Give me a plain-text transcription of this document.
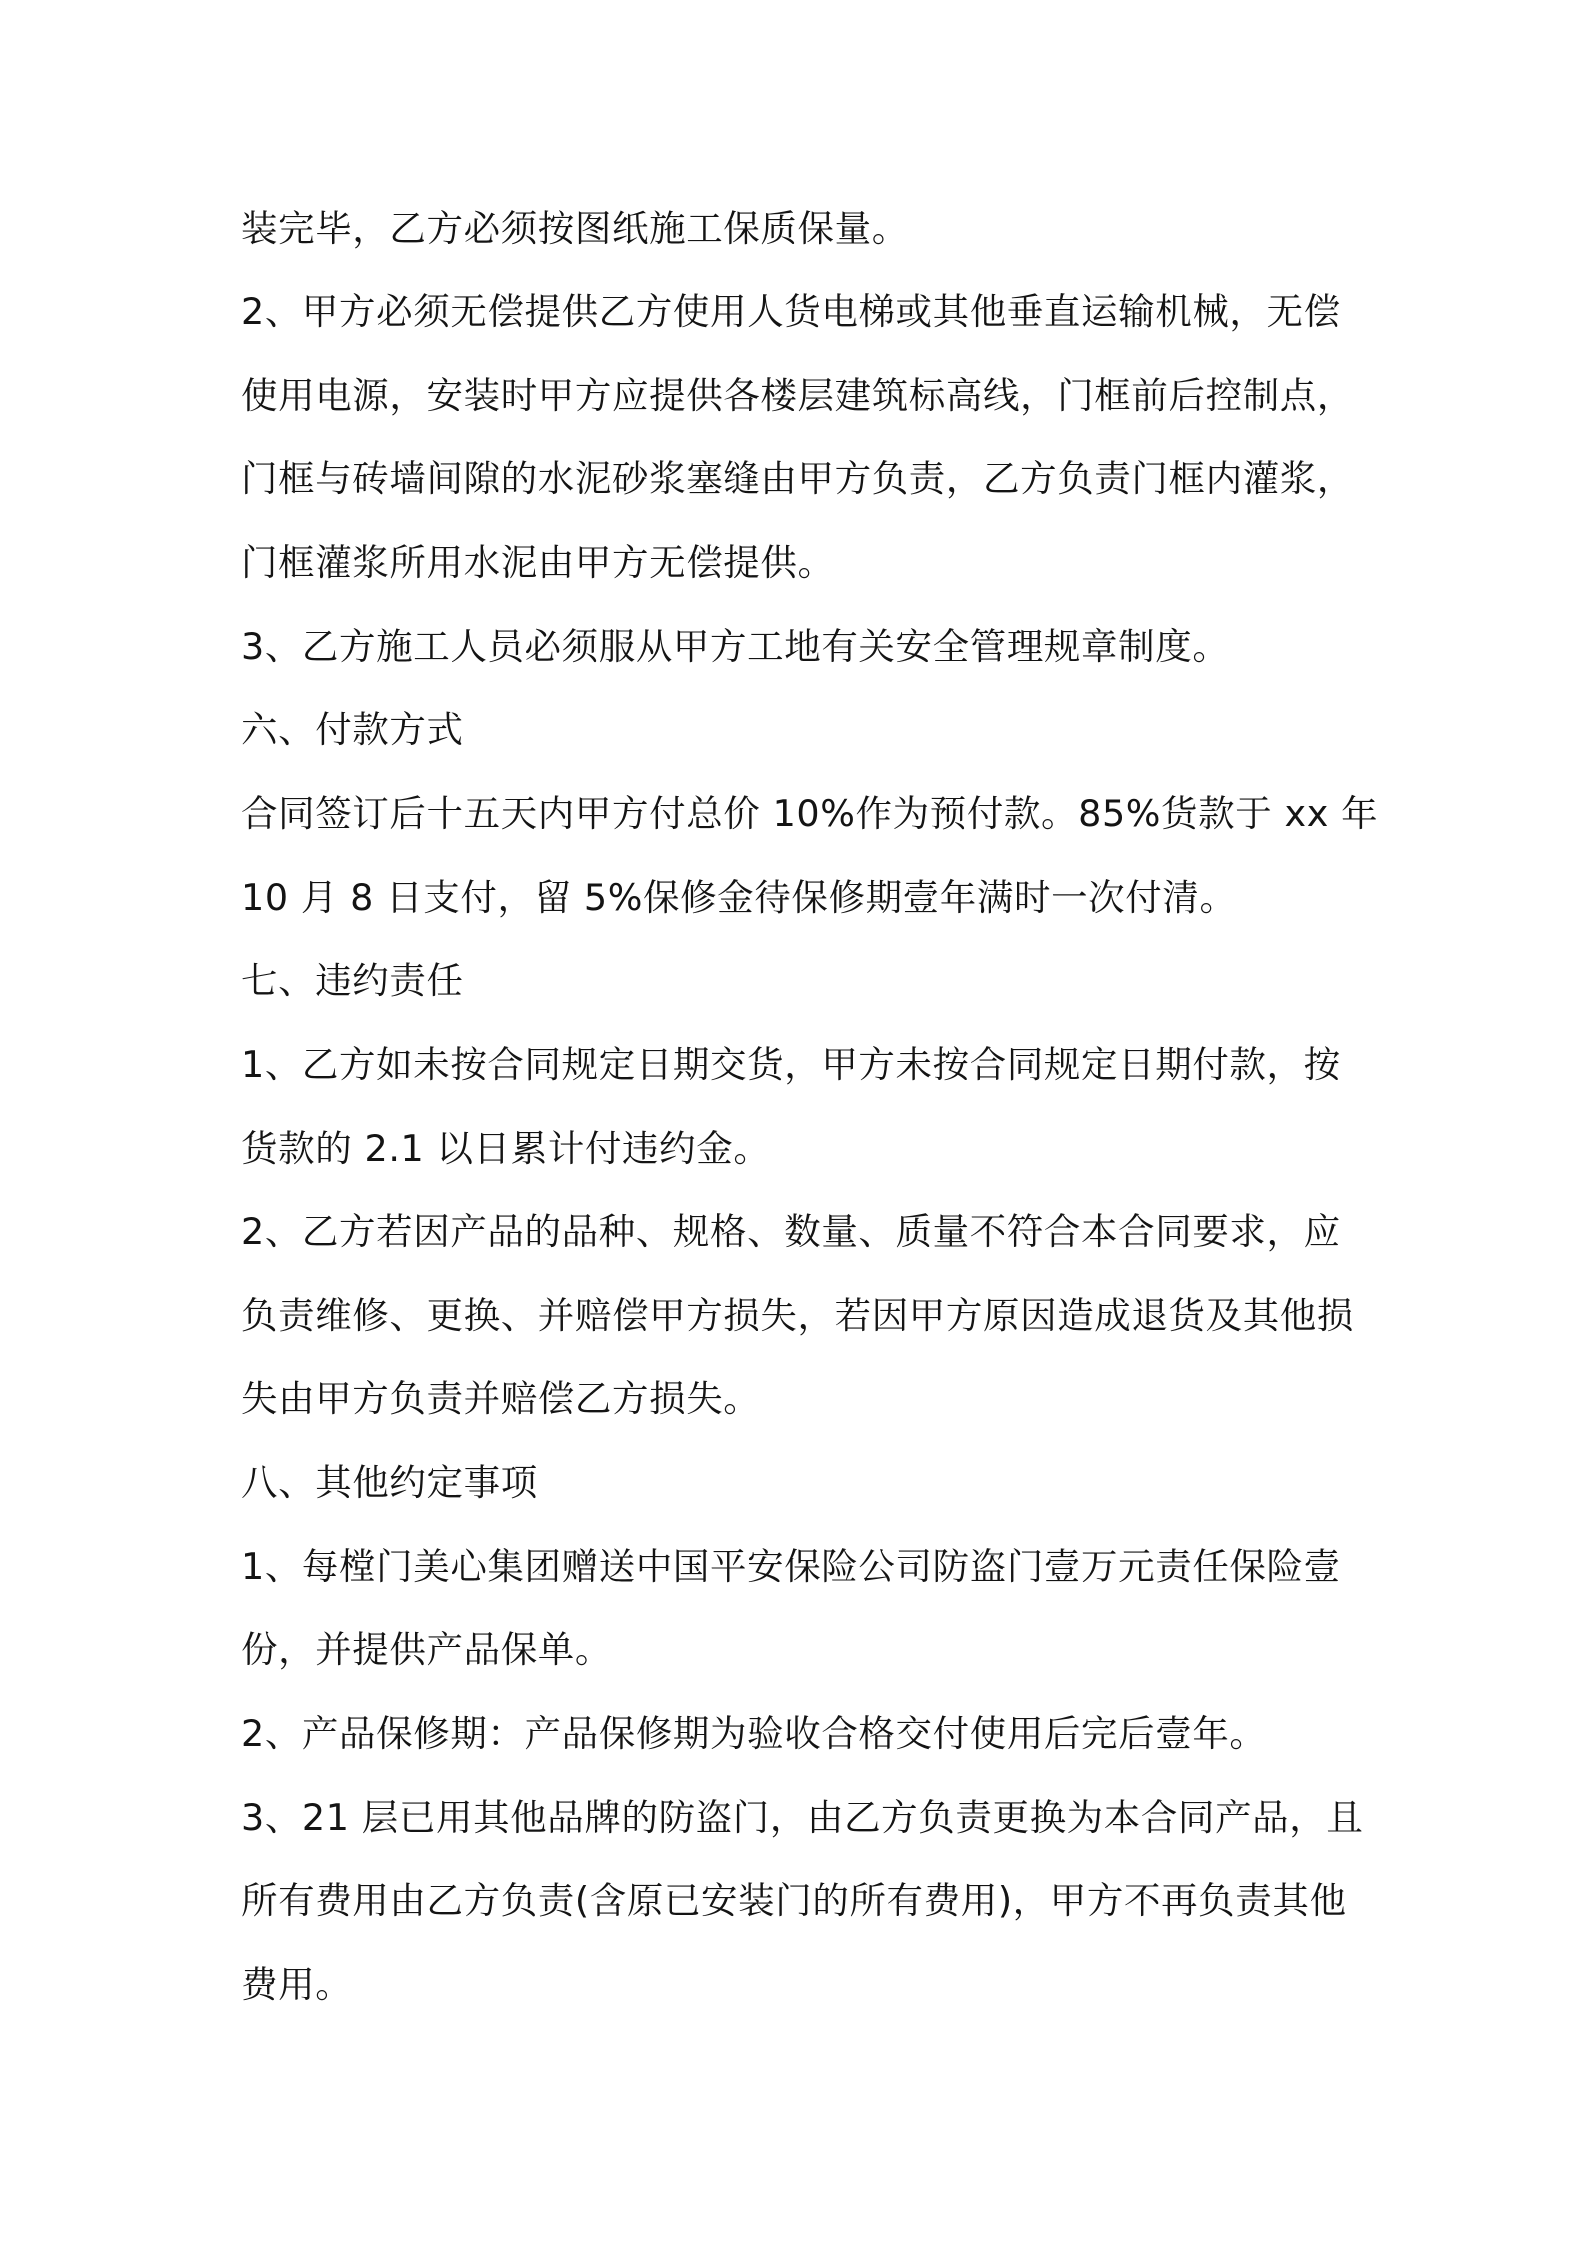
装完毕，乙方必须按图纸施工保质保量。
2、甲方必须无偿提供乙方使用人货电梯或其他垂直运输机械，无偿
使用电源，安装时甲方应提供各楼层建筑标高线，门框前后控制点，
门框与砖墙间隙的水泥砂浆塞缝由甲方负责，乙方负责门框内灌浆，
门框灌浆所用水泥由甲方无偿提供。
3、乙方施工人员必须服从甲方工地有关安全管理规章制度。
六、付款方式
合同签订后十五天内甲方付总价 10%作为预付款。85%货款于 xx 年
10 月 8 日支付，留 5%保修金待保修期壹年满时一次付清。
七、违约责任
1、乙方如未按合同规定日期交货，甲方未按合同规定日期付款，按
货款的 2.1 以日累计付违约金。
2、乙方若因产品的品种、规格、数量、质量不符合本合同要求，应
负责维修、更换、并赔偿甲方损失，若因甲方原因造成退货及其他损
失由甲方负责并赔偿乙方损失。
八、其他约定事项
1、每樘门美心集团赠送中国平安保险公司防盗门壹万元责任保险壹
份，并提供产品保单。
2、产品保修期：产品保修期为验收合格交付使用后完后壹年。
3、21 层已用其他品牌的防盗门，由乙方负责更换为本合同产品，且
所有费用由乙方负责(含原已安装门的所有费用)，甲方不再负责其他
费用。
